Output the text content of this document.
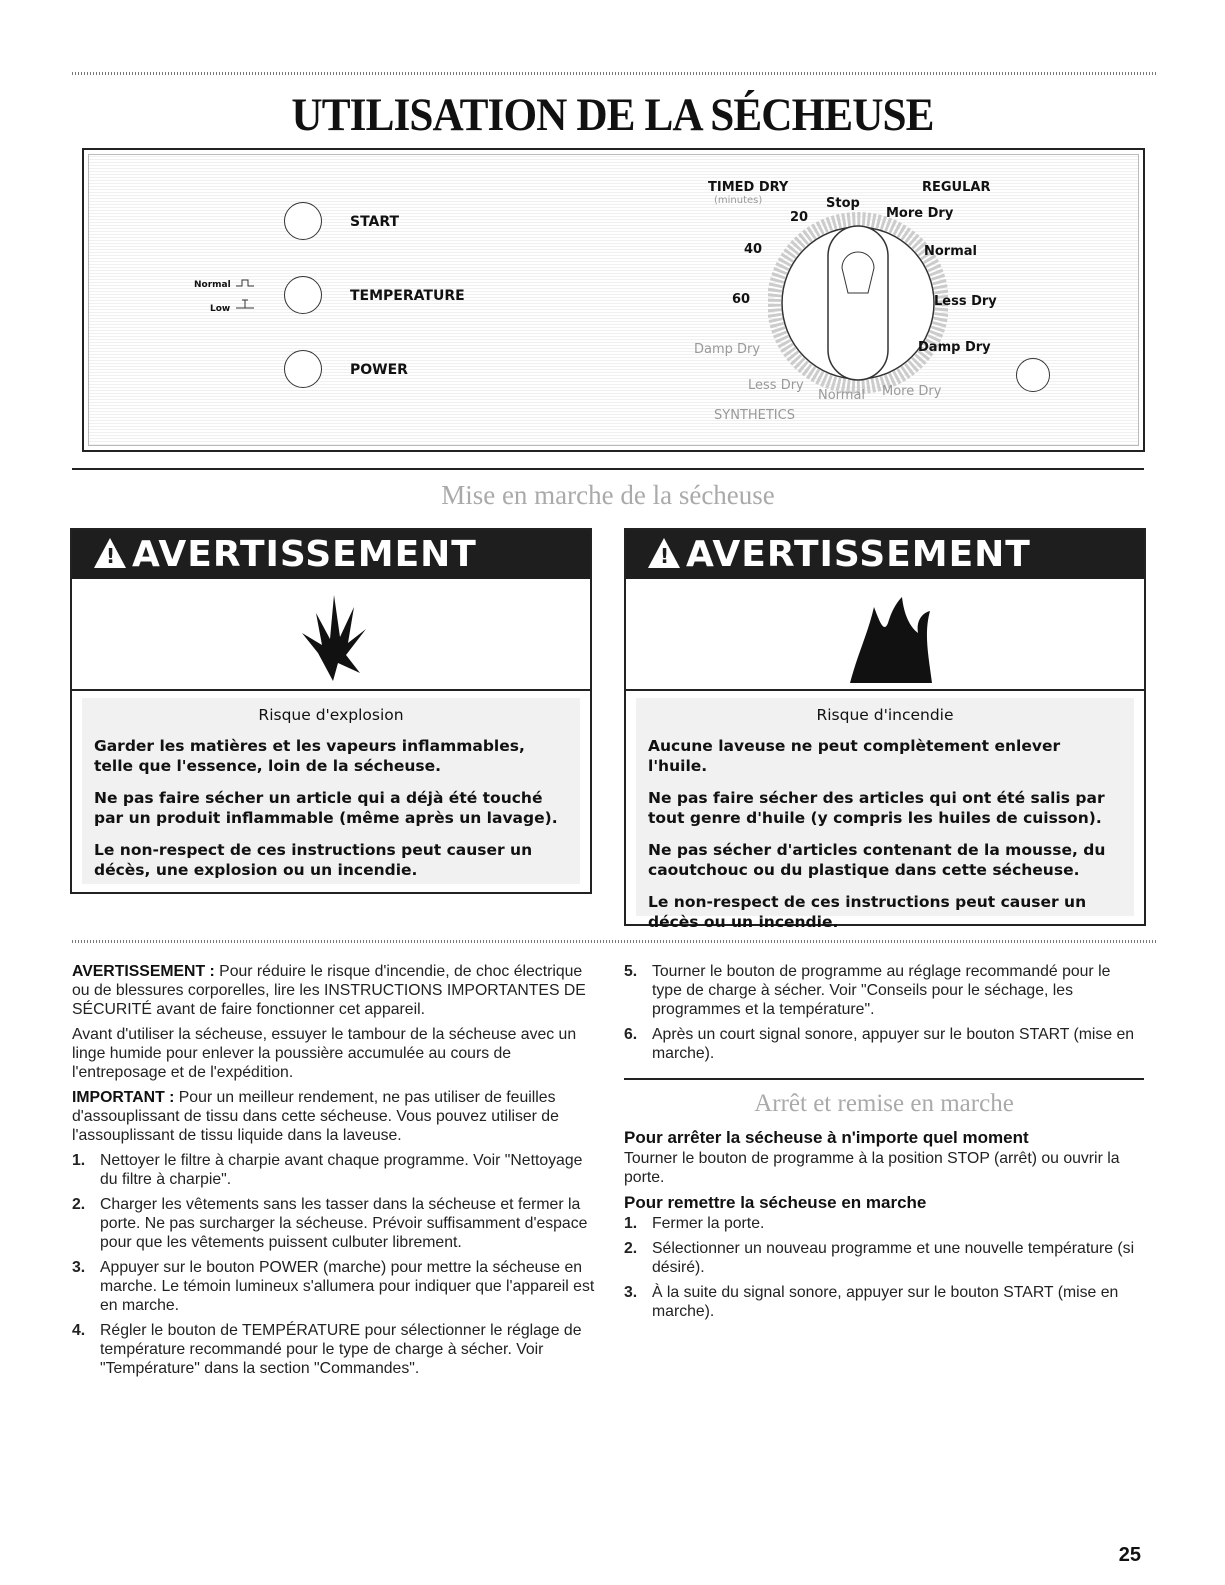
UTILISATION DE LA SÉCHEUSE
START
TEMPERATURE
Normal
Low
POWER
TIMED DRY
(minutes)
REGULAR
Stop
20
40
60
Damp Dry
Less Dry
Normal More Dry
SYNTHETICS
More Dry
Normal
Less Dry
Damp Dry
Mise en marche de la sécheuse
!
AVERTISSEMENT
Risque d'explosion

Garder les matières et les vapeurs inflammables, telle que l'essence, loin de la sécheuse.

Ne pas faire sécher un article qui a déjà été touché par un produit inflammable (même après un lavage).

Le non-respect de ces instructions peut causer un décès, une explosion ou un incendie.

!
AVERTISSEMENT
Risque d'incendie

Aucune laveuse ne peut complètement enlever l'huile.

Ne pas faire sécher des articles qui ont été salis par tout genre d'huile (y compris les huiles de cuisson).

Ne pas sécher d'articles contenant de la mousse, du caoutchouc ou du plastique dans cette sécheuse.

Le non-respect de ces instructions peut causer un décès ou un incendie.

AVERTISSEMENT : Pour réduire le risque d'incendie, de choc électrique ou de blessures corporelles, lire les INSTRUCTIONS IMPORTANTES DE SÉCURITÉ avant de faire fonctionner cet appareil.

Avant d'utiliser la sécheuse, essuyer le tambour de la sécheuse avec un linge humide pour enlever la poussière accumulée au cours de l'entreposage et de l'expédition.

IMPORTANT : Pour un meilleur rendement, ne pas utiliser de feuilles d'assouplissant de tissu dans cette sécheuse. Vous pouvez utiliser de l'assouplissant de tissu liquide dans la laveuse.

1. Nettoyer le filtre à charpie avant chaque programme. Voir "Nettoyage du filtre à charpie".
2. Charger les vêtements sans les tasser dans la sécheuse et fermer la porte. Ne pas surcharger la sécheuse. Prévoir suffisamment d'espace pour que les vêtements puissent culbuter librement.
3. Appuyer sur le bouton POWER (marche) pour mettre la sécheuse en marche. Le témoin lumineux s'allumera pour indiquer que l'appareil est en marche.
4. Régler le bouton de TEMPÉRATURE pour sélectionner le réglage de température recommandé pour le type de charge à sécher. Voir "Température" dans la section "Commandes".
5. Tourner le bouton de programme au réglage recommandé pour le type de charge à sécher. Voir "Conseils pour le séchage, les programmes et la température".
6. Après un court signal sonore, appuyer sur le bouton START (mise en marche).
Arrêt et remise en marche
Pour arrêter la sécheuse à n'importe quel moment

Tourner le bouton de programme à la position STOP (arrêt) ou ouvrir la porte.

Pour remettre la sécheuse en marche
1. Fermer la porte.
2. Sélectionner un nouveau programme et une nouvelle température (si désiré).
3. À la suite du signal sonore, appuyer sur le bouton START (mise en marche).
25
